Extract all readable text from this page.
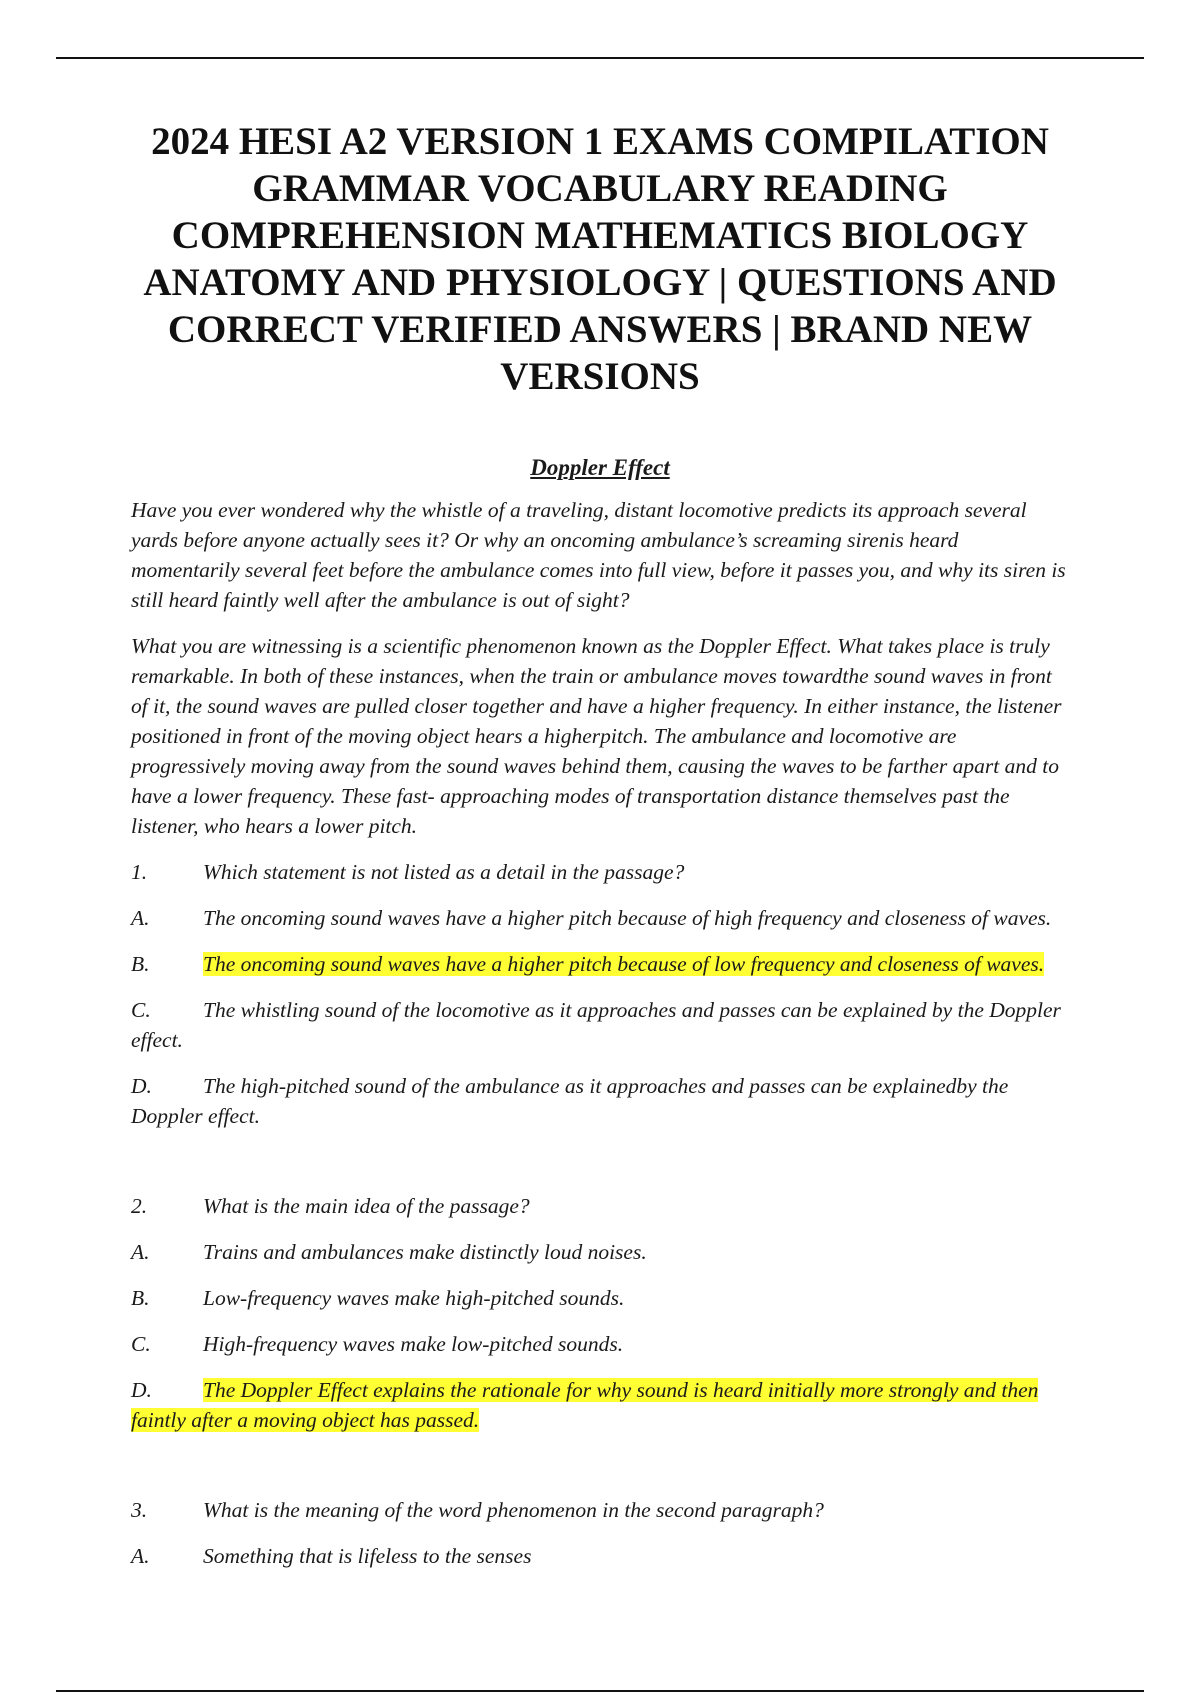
2024 HESI A2 VERSION 1 EXAMS COMPILATION GRAMMAR VOCABULARY READING COMPREHENSION MATHEMATICS BIOLOGY ANATOMY AND PHYSIOLOGY | QUESTIONS AND CORRECT VERIFIED ANSWERS | BRAND NEW VERSIONS
Doppler Effect

Have you ever wondered why the whistle of a traveling, distant locomotive predicts its approach several yards before anyone actually sees it? Or why an oncoming ambulance’s screaming sirenis heard momentarily several feet before the ambulance comes into full view, before it passes you, and why its siren is still heard faintly well after the ambulance is out of sight?

What you are witnessing is a scientific phenomenon known as the Doppler Effect. What takes place is truly remarkable. In both of these instances, when the train or ambulance moves towardthe sound waves in front of it, the sound waves are pulled closer together and have a higher frequency. In either instance, the listener positioned in front of the moving object hears a higherpitch. The ambulance and locomotive are progressively moving away from the sound waves behind them, causing the waves to be farther apart and to have a lower frequency. These fast- approaching modes of transportation distance themselves past the listener, who hears a lower pitch.

1.	Which statement is not listed as a detail in the passage?
A. The oncoming sound waves have a higher pitch because of high frequency and closeness of waves.
B. The oncoming sound waves have a higher pitch because of low frequency and closeness of waves.
C. The whistling sound of the locomotive as it approaches and passes can be explained by the Doppler effect.
D. The high-pitched sound of the ambulance as it approaches and passes can be explainedby the Doppler effect.
2.	What is the main idea of the passage?
A. Trains and ambulances make distinctly loud noises.
B. Low-frequency waves make high-pitched sounds.
C. High-frequency waves make low-pitched sounds.
D. The Doppler Effect explains the rationale for why sound is heard initially more strongly and then faintly after a moving object has passed.
3.	What is the meaning of the word phenomenon in the second paragraph?
A. Something that is lifeless to the senses
